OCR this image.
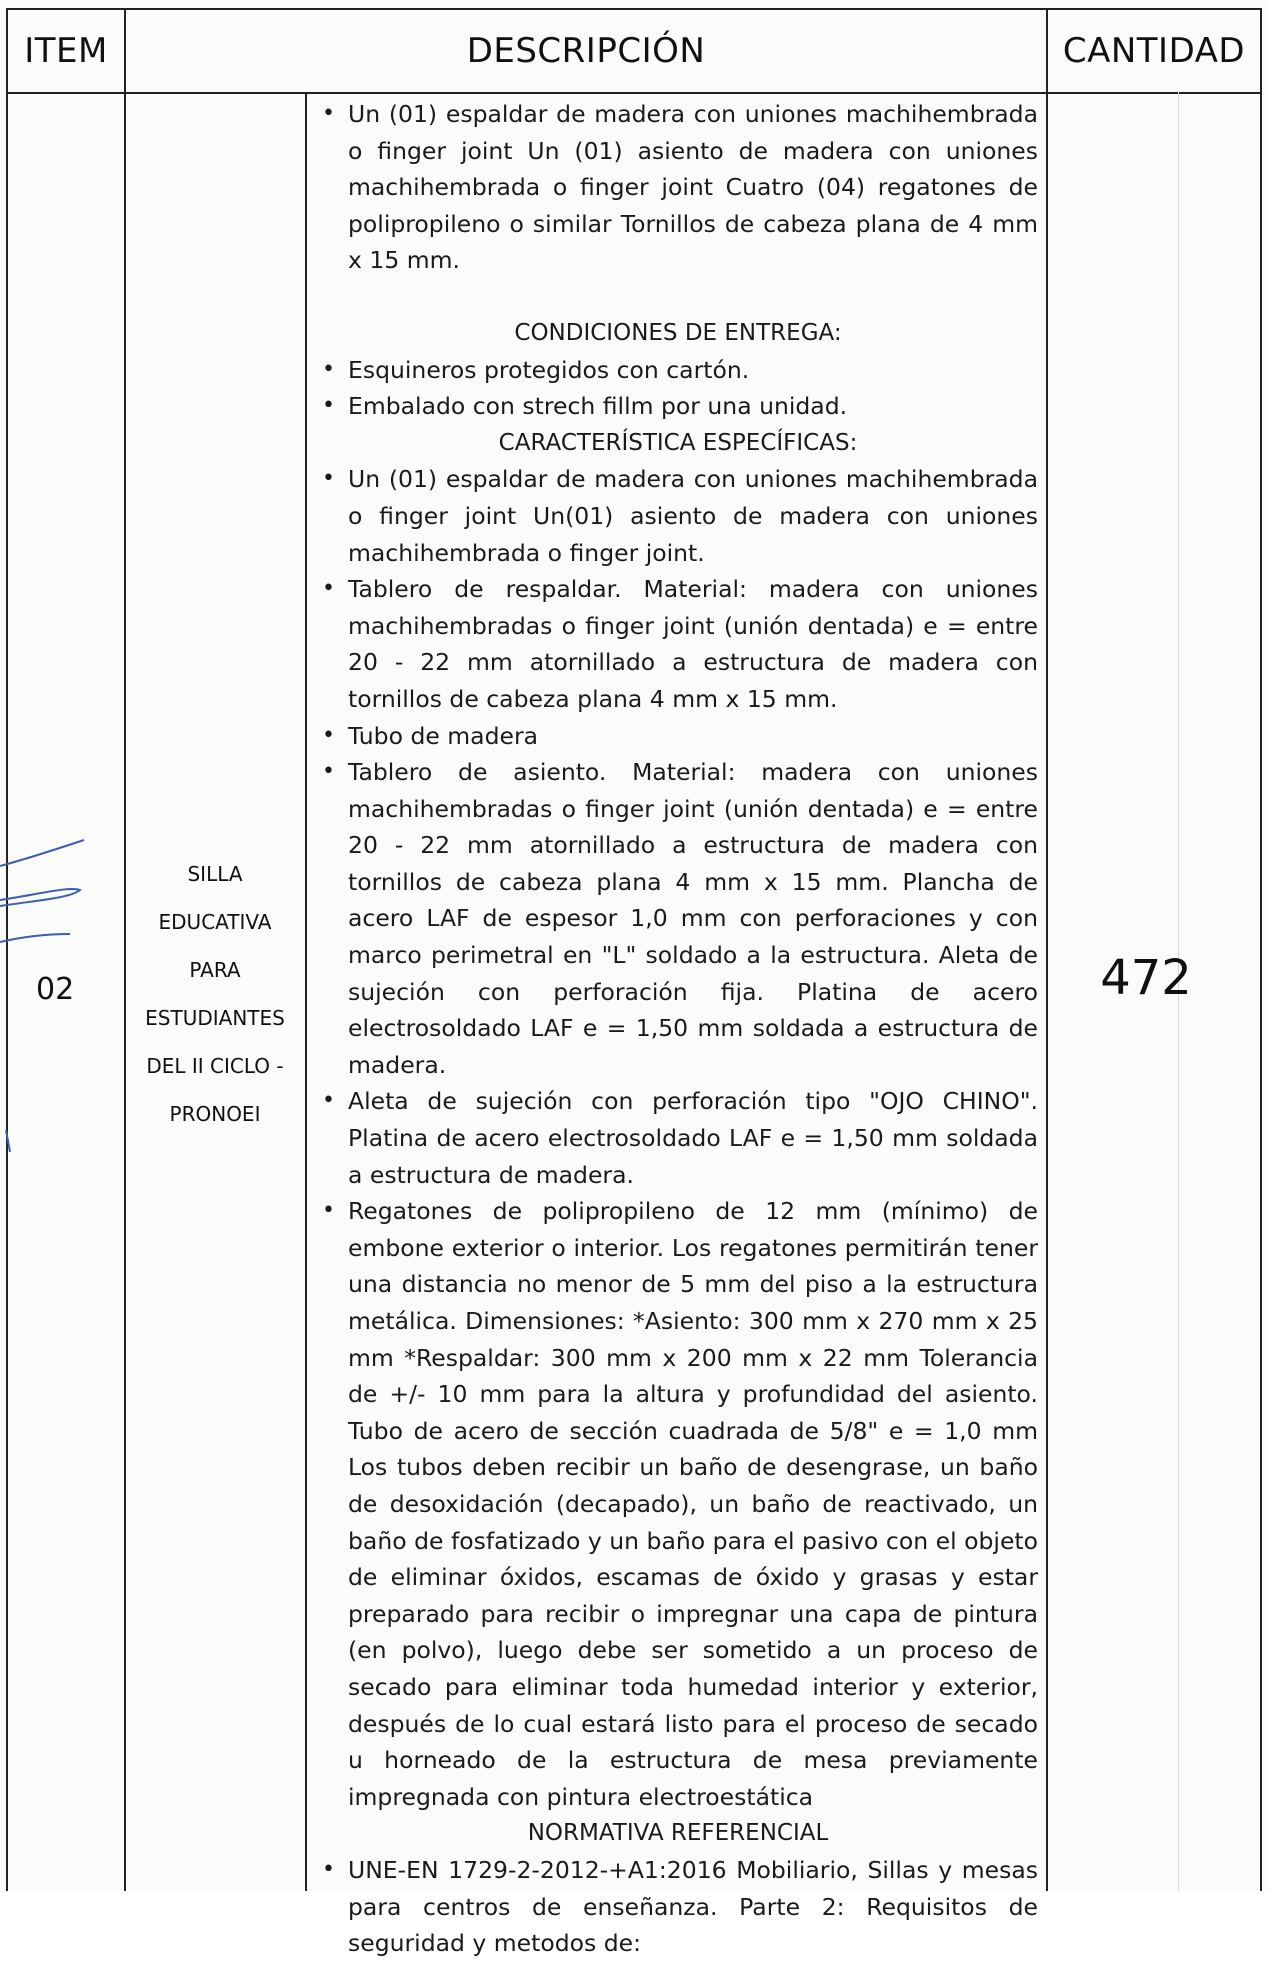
ITEM	DESCRIPCIÓN	CANTIDAD
02
SILLA
EDUCATIVA
PARA
ESTUDIANTES
DEL II CICLO -
PRONOEI
472
• Un (01) espaldar de madera con uniones machihembrada o finger joint Un (01) asiento de madera con uniones machihembrada o finger joint Cuatro (04) regatones de polipropileno o similar Tornillos de cabeza plana de 4 mm x 15 mm.

CONDICIONES DE ENTREGA:

• Esquineros protegidos con cartón.
• Embalado con strech fillm por una unidad.

CARACTERÍSTICA ESPECÍFICAS:

• Un (01) espaldar de madera con uniones machihembrada o finger joint Un(01) asiento de madera con uniones machihembrada o finger joint.
• Tablero de respaldar. Material: madera con uniones machihembradas o finger joint (unión dentada) e = entre 20 - 22 mm atornillado a estructura de madera con tornillos de cabeza plana 4 mm x 15 mm.
• Tubo de madera
• Tablero de asiento. Material: madera con uniones machihembradas o finger joint (unión dentada) e = entre 20 - 22 mm atornillado a estructura de madera con tornillos de cabeza plana 4 mm x 15 mm. Plancha de acero LAF de espesor 1,0 mm con perforaciones y con marco perimetral en "L" soldado a la estructura. Aleta de sujeción con perforación fija. Platina de acero electrosoldado LAF e = 1,50 mm soldada a estructura de madera.
• Aleta de sujeción con perforación tipo "OJO CHINO". Platina de acero electrosoldado LAF e = 1,50 mm soldada a estructura de madera.
• Regatones de polipropileno de 12 mm (mínimo) de embone exterior o interior. Los regatones permitirán tener una distancia no menor de 5 mm del piso a la estructura metálica. Dimensiones: *Asiento: 300 mm x 270 mm x 25 mm *Respaldar: 300 mm x 200 mm x 22 mm Tolerancia de +/- 10 mm para la altura y profundidad del asiento. Tubo de acero de sección cuadrada de 5/8" e = 1,0 mm Los tubos deben recibir un baño de desengrase, un baño de desoxidación (decapado), un baño de reactivado, un baño de fosfatizado y un baño para el pasivo con el objeto de eliminar óxidos, escamas de óxido y grasas y estar preparado para recibir o impregnar una capa de pintura (en polvo), luego debe ser sometido a un proceso de secado para eliminar toda humedad interior y exterior, después de lo cual estará listo para el proceso de secado u horneado de la estructura de mesa previamente impregnada con pintura electroestática

NORMATIVA REFERENCIAL

• UNE-EN 1729-2-2012-+A1:2016 Mobiliario, Sillas y mesas para centros de enseñanza. Parte 2: Requisitos de seguridad y metodos de:
